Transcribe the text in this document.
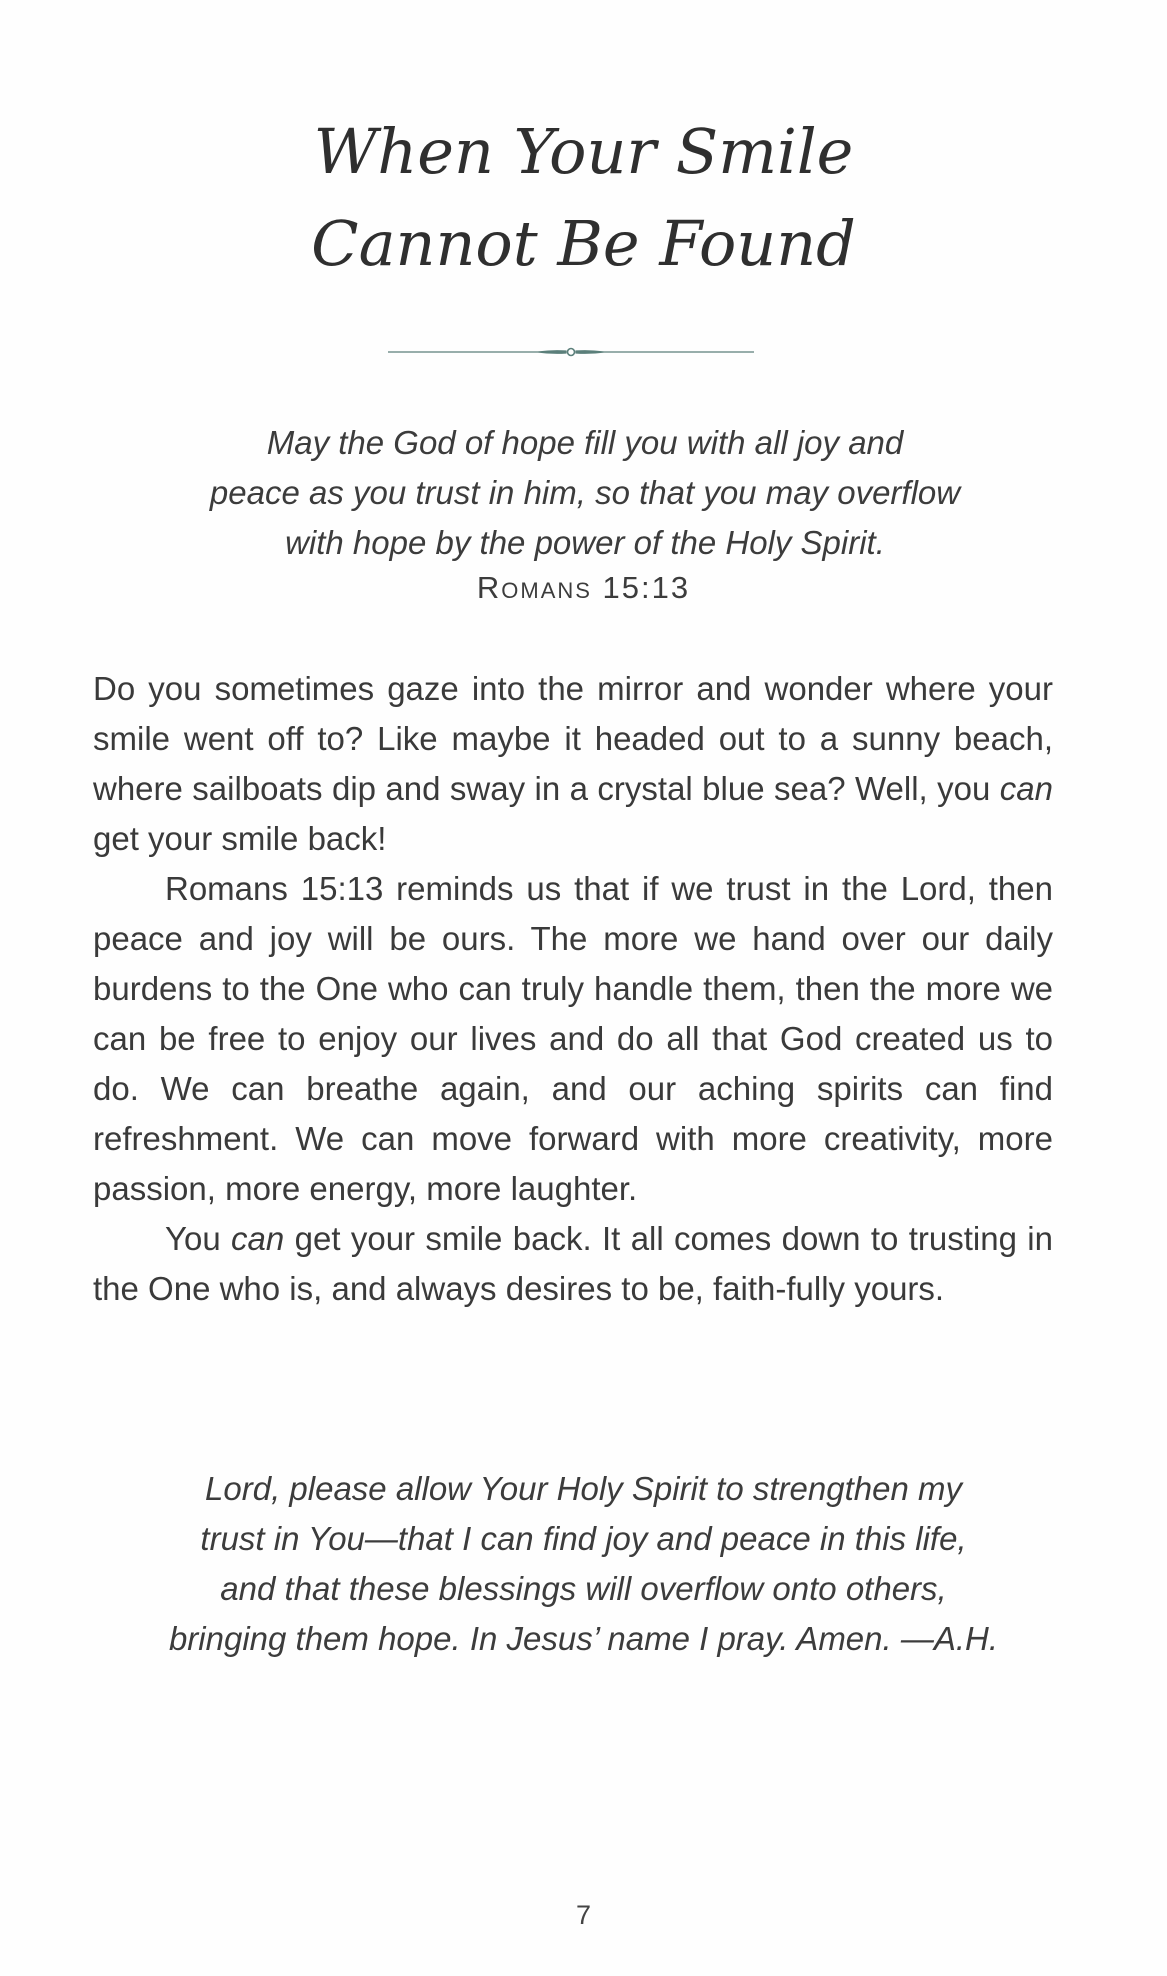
When Your Smile
Cannot Be Found
May the God of hope fill you with all joy and
peace as you trust in him, so that you may overflow
with hope by the power of the Holy Spirit.
Romans 15:13

Do you sometimes gaze into the mirror and wonder where your smile went off to? Like maybe it headed out to a sunny beach, where sailboats dip and sway in a crystal blue sea? Well, you can get your smile back!

Romans 15:13 reminds us that if we trust in the Lord, then peace and joy will be ours. The more we hand over our daily burdens to the One who can truly handle them, then the more we can be free to enjoy our lives and do all that God created us to do. We can breathe again, and our aching spirits can find refreshment. We can move forward with more creativity, more passion, more energy, more laughter.

You can get your smile back. It all comes down to trusting in the One who is, and always desires to be, faith-fully yours.

Lord, please allow Your Holy Spirit to strengthen my
trust in You—that I can find joy and peace in this life,
and that these blessings will overflow onto others,
bringing them hope. In Jesus’ name I pray. Amen. —A.H.
7
